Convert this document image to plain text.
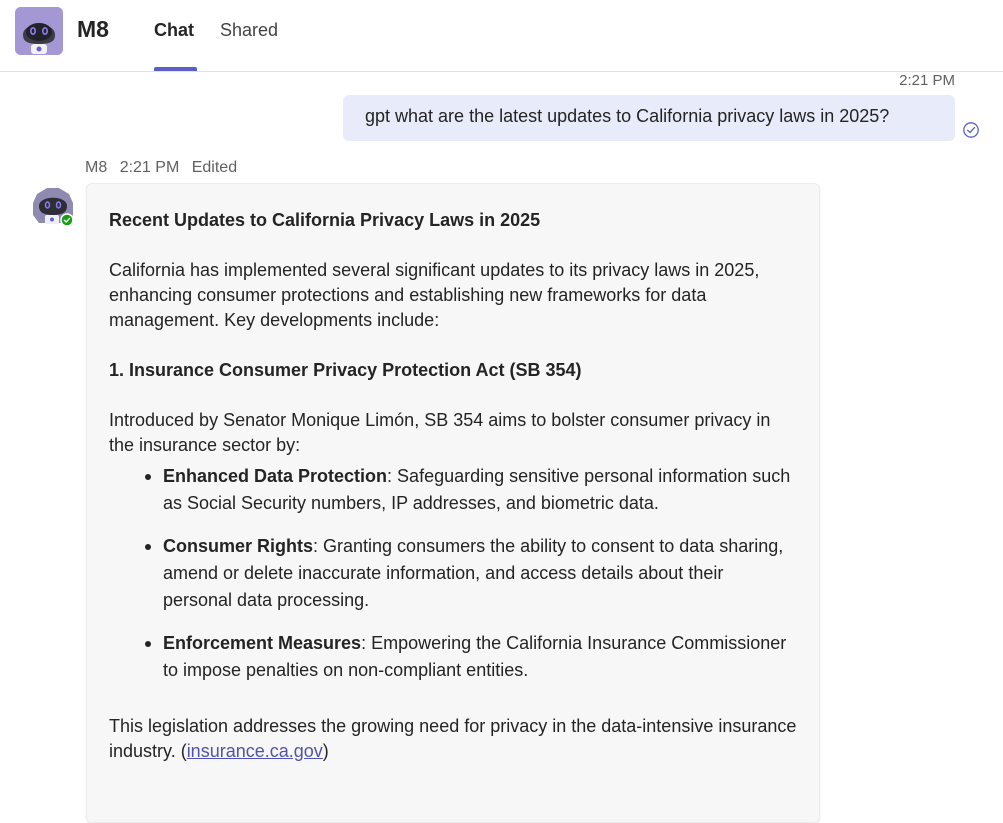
M8	Chat Shared
2:21 PM
gpt what are the latest updates to California privacy laws in 2025?
M8 2:21 PM Edited
Recent Updates to California Privacy Laws in 2025

California has implemented several significant updates to its privacy laws in 2025, enhancing consumer protections and establishing new frameworks for data management. Key developments include:

1. Insurance Consumer Privacy Protection Act (SB 354)

Introduced by Senator Monique Limón, SB 354 aims to bolster consumer privacy in the insurance sector by:

Enhanced Data Protection: Safeguarding sensitive personal information such as Social Security numbers, IP addresses, and biometric data.
Consumer Rights: Granting consumers the ability to consent to data sharing, amend or delete inaccurate information, and access details about their personal data processing.
Enforcement Measures: Empowering the California Insurance Commissioner to impose penalties on non-compliant entities.

This legislation addresses the growing need for privacy in the data-intensive insurance industry. (insurance.ca.gov)
